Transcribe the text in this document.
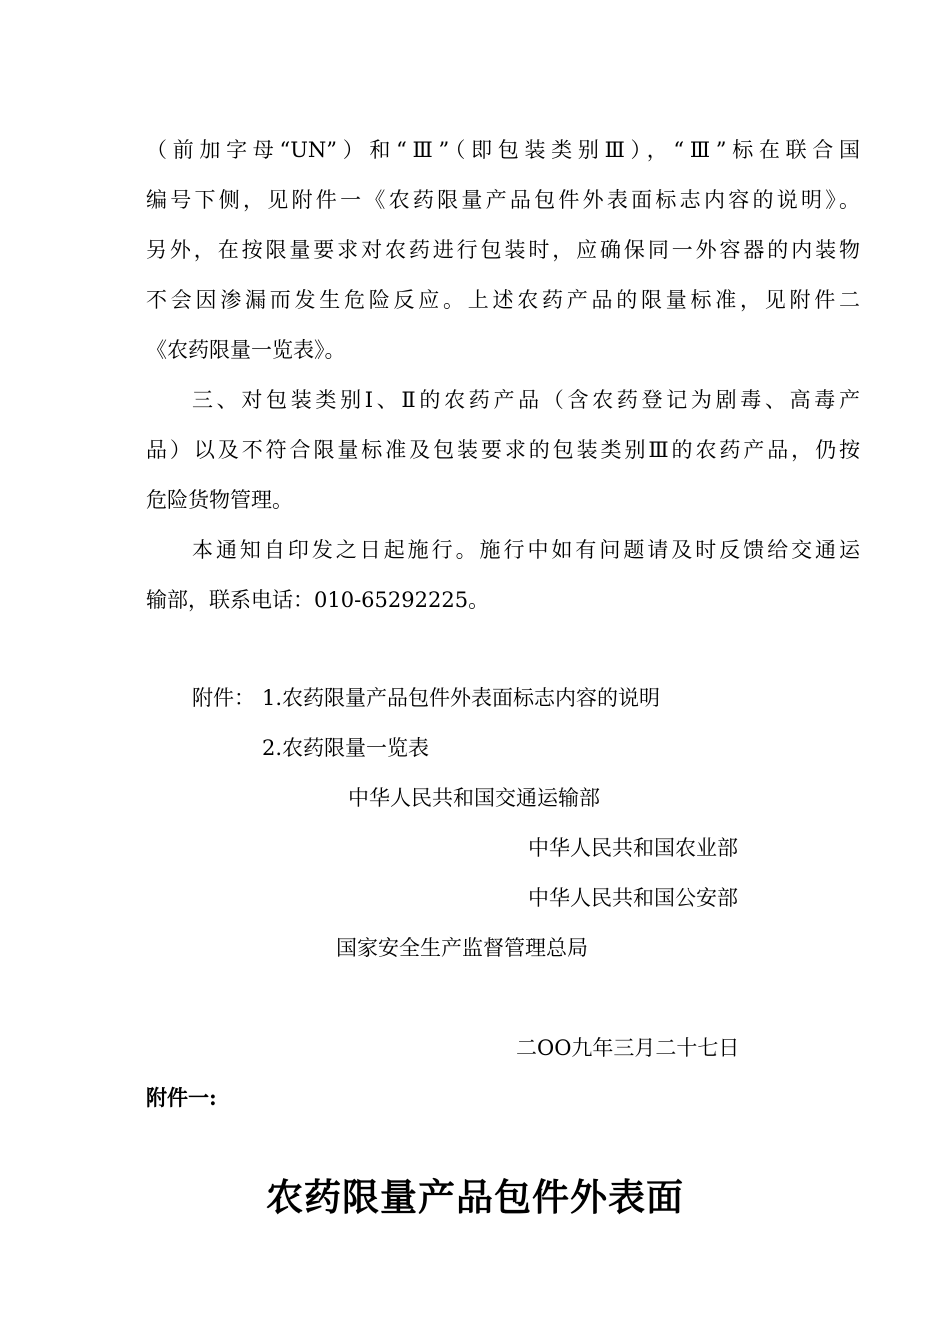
（前加字母“UN”）和“Ⅲ”（即包装类别Ⅲ），“Ⅲ”标在联合国
编号下侧，见附件一《农药限量产品包件外表面标志内容的说明》。
另外，在按限量要求对农药进行包装时，应确保同一外容器的内装物
不会因渗漏而发生危险反应。上述农药产品的限量标准，见附件二
《农药限量一览表》。
三、对包装类别Ⅰ、Ⅱ的农药产品（含农药登记为剧毒、高毒产
品）以及不符合限量标准及包装要求的包装类别Ⅲ的农药产品，仍按
危险货物管理。
本通知自印发之日起施行。施行中如有问题请及时反馈给交通运
输部，联系电话：010-65292225。
附件： 1.农药限量产品包件外表面标志内容的说明
2.农药限量一览表
中华人民共和国交通运输部
中华人民共和国农业部
中华人民共和国公安部
国家安全生产监督管理总局
二OO九年三月二十七日
附件一:
农药限量产品包件外表面
